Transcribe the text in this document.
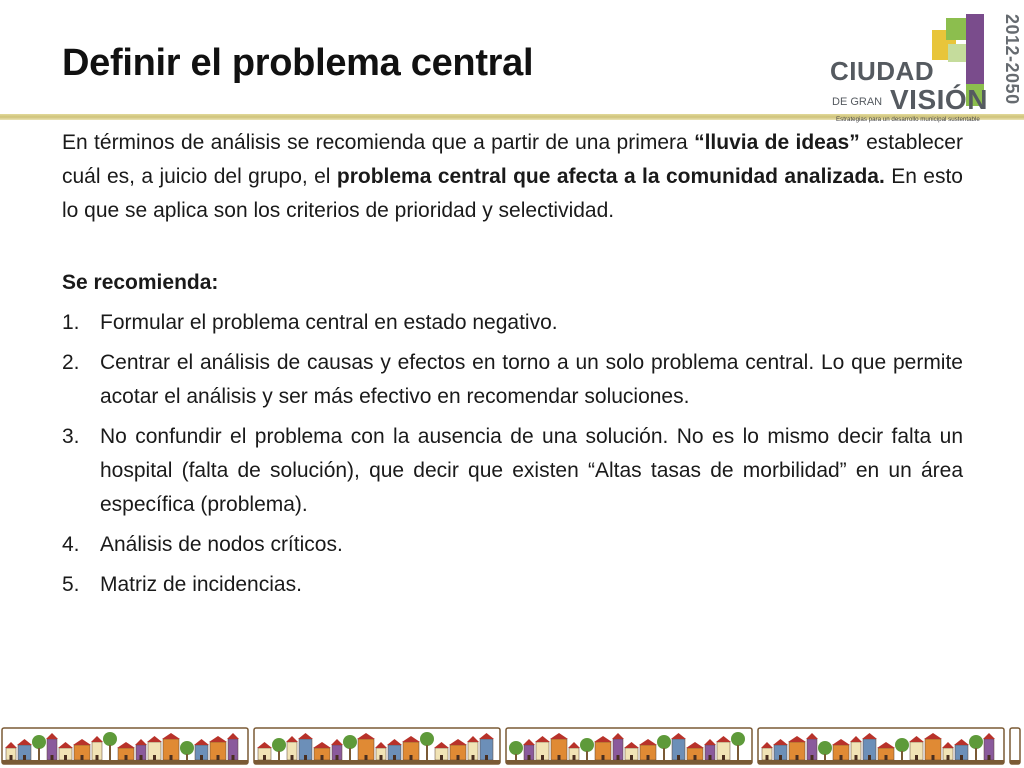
Definir el problema central	CIUDAD
DE GRAN VISIÓN
Estrategias para un desarrollo municipal sustentable
2012-2050

En términos de análisis se recomienda que a partir de una primera “lluvia de ideas” establecer cuál es, a juicio del grupo, el problema central que afecta a la comunidad analizada. En esto lo que se aplica son los criterios de prioridad y selectividad.

Se recomienda:
1. Formular el problema central en estado negativo.
2. Centrar el análisis de causas y efectos en torno a un solo problema central. Lo que permite acotar el análisis y ser más efectivo en recomendar soluciones.
3. No confundir el problema con la ausencia de una solución. No es lo mismo decir falta un hospital (falta de solución), que decir que existen “Altas tasas de morbilidad” en un área específica (problema).
4. Análisis de nodos críticos.
5. Matriz de incidencias.
